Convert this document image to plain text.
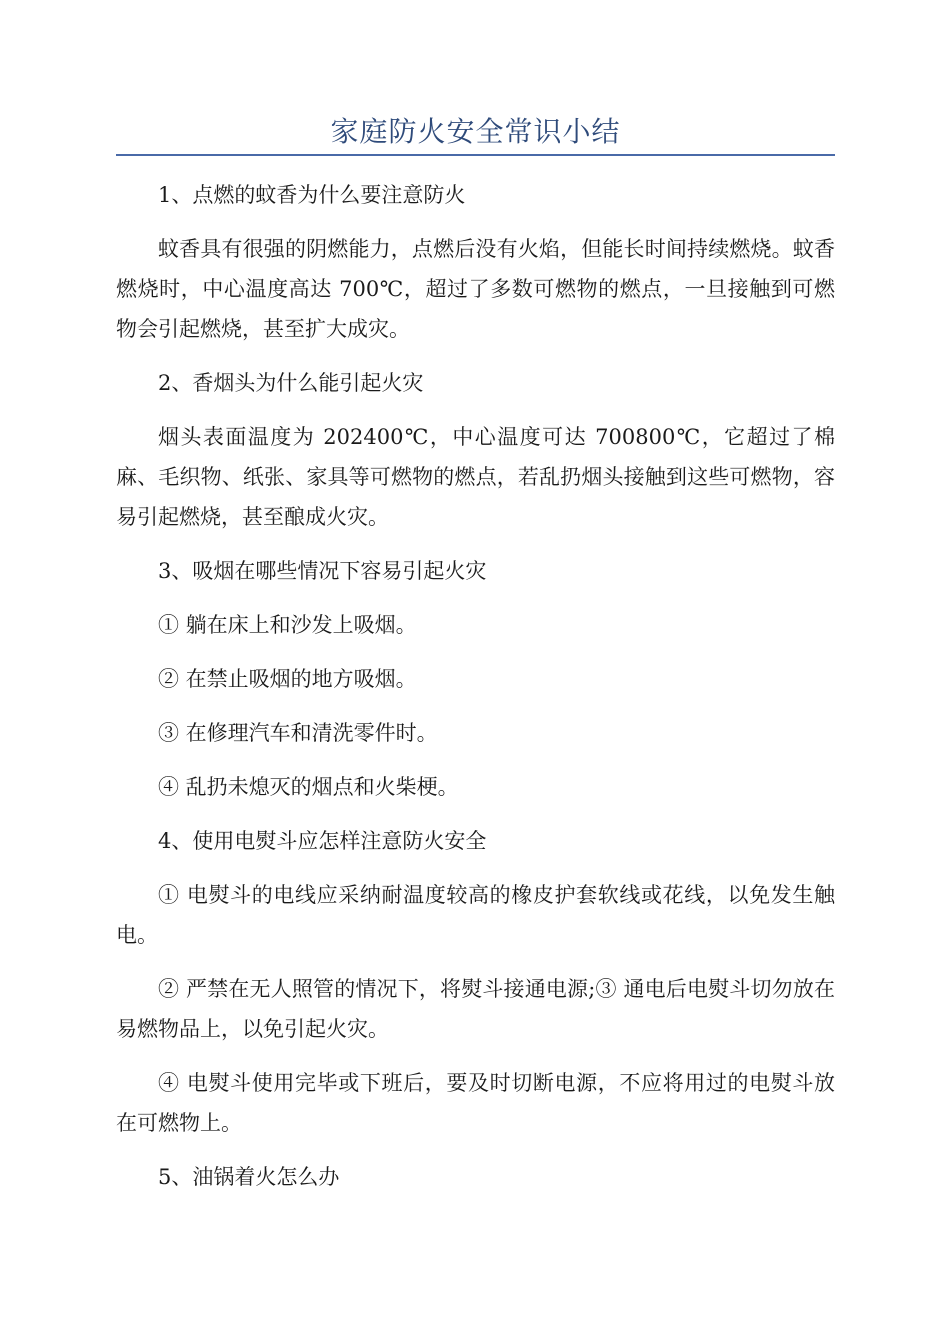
家庭防火安全常识小结

1、点燃的蚊香为什么要注意防火

蚊香具有很强的阴燃能力，点燃后没有火焰，但能长时间持续燃烧。蚊香燃烧时，中心温度高达 700℃，超过了多数可燃物的燃点，一旦接触到可燃物会引起燃烧，甚至扩大成灾。

2、香烟头为什么能引起火灾

烟头表面温度为 202400℃，中心温度可达 700800℃，它超过了棉麻、毛织物、纸张、家具等可燃物的燃点，若乱扔烟头接触到这些可燃物，容易引起燃烧，甚至酿成火灾。

3、吸烟在哪些情况下容易引起火灾

① 躺在床上和沙发上吸烟。

② 在禁止吸烟的地方吸烟。

③ 在修理汽车和清洗零件时。

④ 乱扔未熄灭的烟点和火柴梗。

4、使用电熨斗应怎样注意防火安全

① 电熨斗的电线应采纳耐温度较高的橡皮护套软线或花线，以免发生触电。

② 严禁在无人照管的情况下，将熨斗接通电源;③ 通电后电熨斗切勿放在易燃物品上，以免引起火灾。

④ 电熨斗使用完毕或下班后，要及时切断电源，不应将用过的电熨斗放在可燃物上。

5、油锅着火怎么办
